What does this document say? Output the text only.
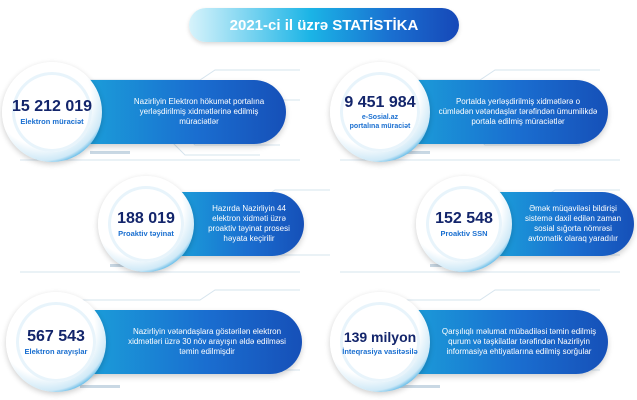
2021-ci il üzrə STATİSTİKA
Nazirliyin Elektron hökumət portalına yerləşdirilmiş xidmətlərinə edilmiş müraciətlər
15 212 019
Elektron müraciət
Portalda yerləşdirilmiş xidmətlərə o cümlədən vətəndaşlar tərəfindən ümumilikdə portala edilmiş müraciətlər
9 451 984
e-Sosial.az portalına müraciət
Hazırda Nazirliyin 44 elektron xidməti üzrə proaktiv təyinat prosesi həyata keçirilir
188 019
Proaktiv təyinat
Əmək müqaviləsi bildirişi sistemə daxil edilən zaman sosial sığorta nömrəsi avtomatik olaraq yaradılır
152 548
Proaktiv SSN
Nazirliyin vətəndaşlara göstərilən elektron xidmətləri üzrə 30 növ arayışın əldə edilməsi təmin edilmişdir
567 543
Elektron arayışlar
Qarşılıqlı məlumat mübadiləsi təmin edilmiş qurum və təşkilatlar tərəfindən Nazirliyin informasiya ehtiyatlarına edilmiş sorğular
139 milyon
İnteqrasiya vasitəsilə
